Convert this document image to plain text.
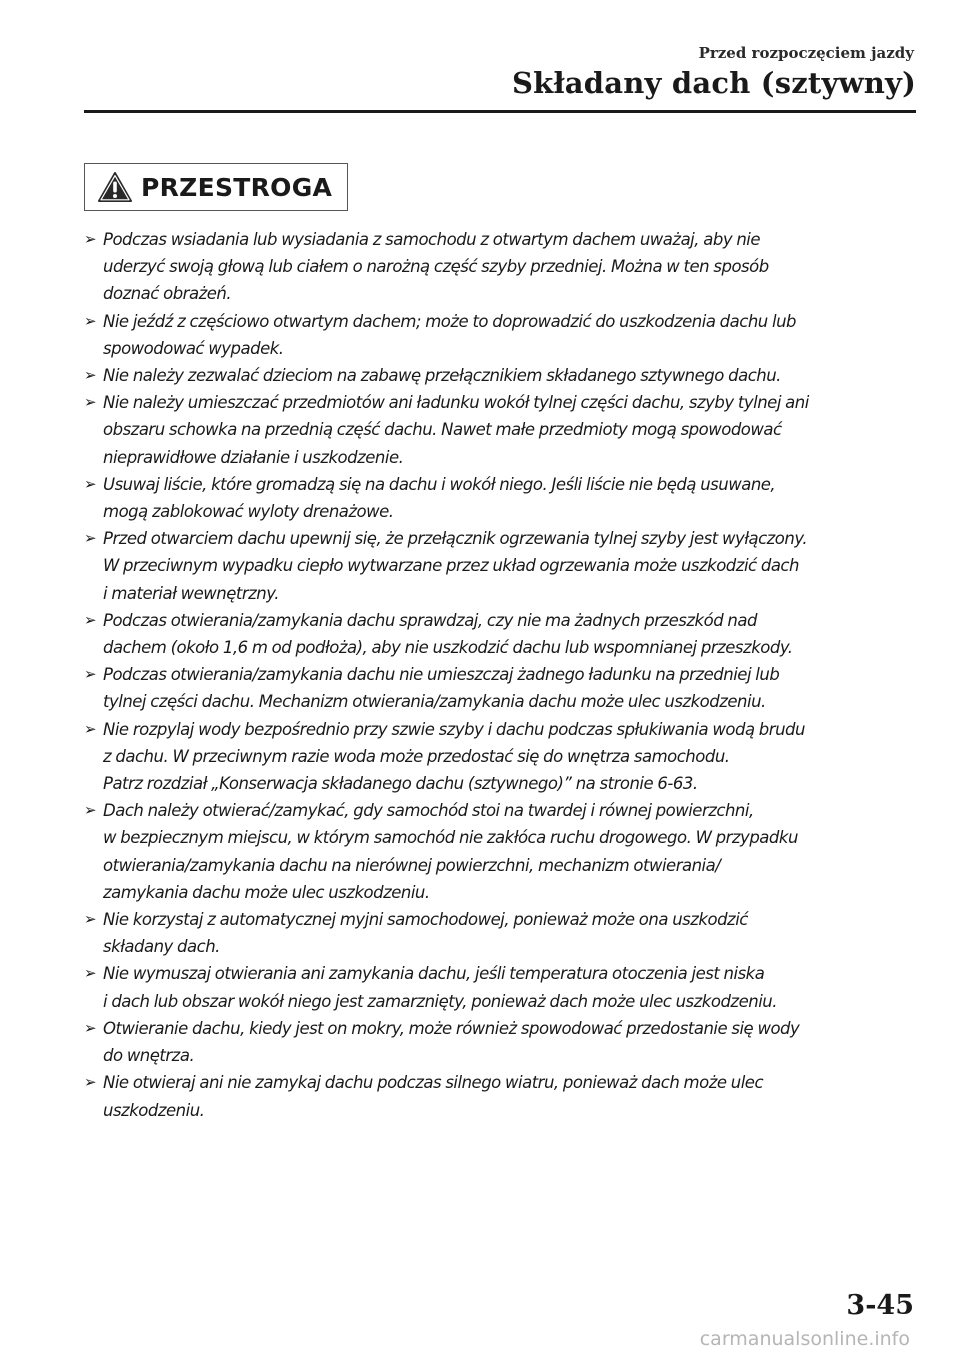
Przed rozpoczęciem jazdy
Składany dach (sztywny)
PRZESTROGA
➢ Podczas wsiadania lub wysiadania z samochodu z otwartym dachem uważaj, aby nie
uderzyć swoją głową lub ciałem o narożną część szyby przedniej. Można w ten sposób
doznać obrażeń.
➢ Nie jeźdź z częściowo otwartym dachem; może to doprowadzić do uszkodzenia dachu lub
spowodować wypadek.
➢ Nie należy zezwalać dzieciom na zabawę przełącznikiem składanego sztywnego dachu.
➢ Nie należy umieszczać przedmiotów ani ładunku wokół tylnej części dachu, szyby tylnej ani
obszaru schowka na przednią część dachu. Nawet małe przedmioty mogą spowodować
nieprawidłowe działanie i uszkodzenie.
➢ Usuwaj liście, które gromadzą się na dachu i wokół niego. Jeśli liście nie będą usuwane,
mogą zablokować wyloty drenażowe.
➢ Przed otwarciem dachu upewnij się, że przełącznik ogrzewania tylnej szyby jest wyłączony.
W przeciwnym wypadku ciepło wytwarzane przez układ ogrzewania może uszkodzić dach
i materiał wewnętrzny.
➢ Podczas otwierania/zamykania dachu sprawdzaj, czy nie ma żadnych przeszkód nad
dachem (około 1,6 m od podłoża), aby nie uszkodzić dachu lub wspomnianej przeszkody.
➢ Podczas otwierania/zamykania dachu nie umieszczaj żadnego ładunku na przedniej lub
tylnej części dachu. Mechanizm otwierania/zamykania dachu może ulec uszkodzeniu.
➢ Nie rozpylaj wody bezpośrednio przy szwie szyby i dachu podczas spłukiwania wodą brudu
z dachu. W przeciwnym razie woda może przedostać się do wnętrza samochodu.
Patrz rozdział „Konserwacja składanego dachu (sztywnego)” na stronie 6-63.
➢ Dach należy otwierać/zamykać, gdy samochód stoi na twardej i równej powierzchni,
w bezpiecznym miejscu, w którym samochód nie zakłóca ruchu drogowego. W przypadku
otwierania/zamykania dachu na nierównej powierzchni, mechanizm otwierania/
zamykania dachu może ulec uszkodzeniu.
➢ Nie korzystaj z automatycznej myjni samochodowej, ponieważ może ona uszkodzić
składany dach.
➢ Nie wymuszaj otwierania ani zamykania dachu, jeśli temperatura otoczenia jest niska
i dach lub obszar wokół niego jest zamarznięty, ponieważ dach może ulec uszkodzeniu.
➢ Otwieranie dachu, kiedy jest on mokry, może również spowodować przedostanie się wody
do wnętrza.
➢ Nie otwieraj ani nie zamykaj dachu podczas silnego wiatru, ponieważ dach może ulec
uszkodzeniu.
3-45
carmanualsonline.info
